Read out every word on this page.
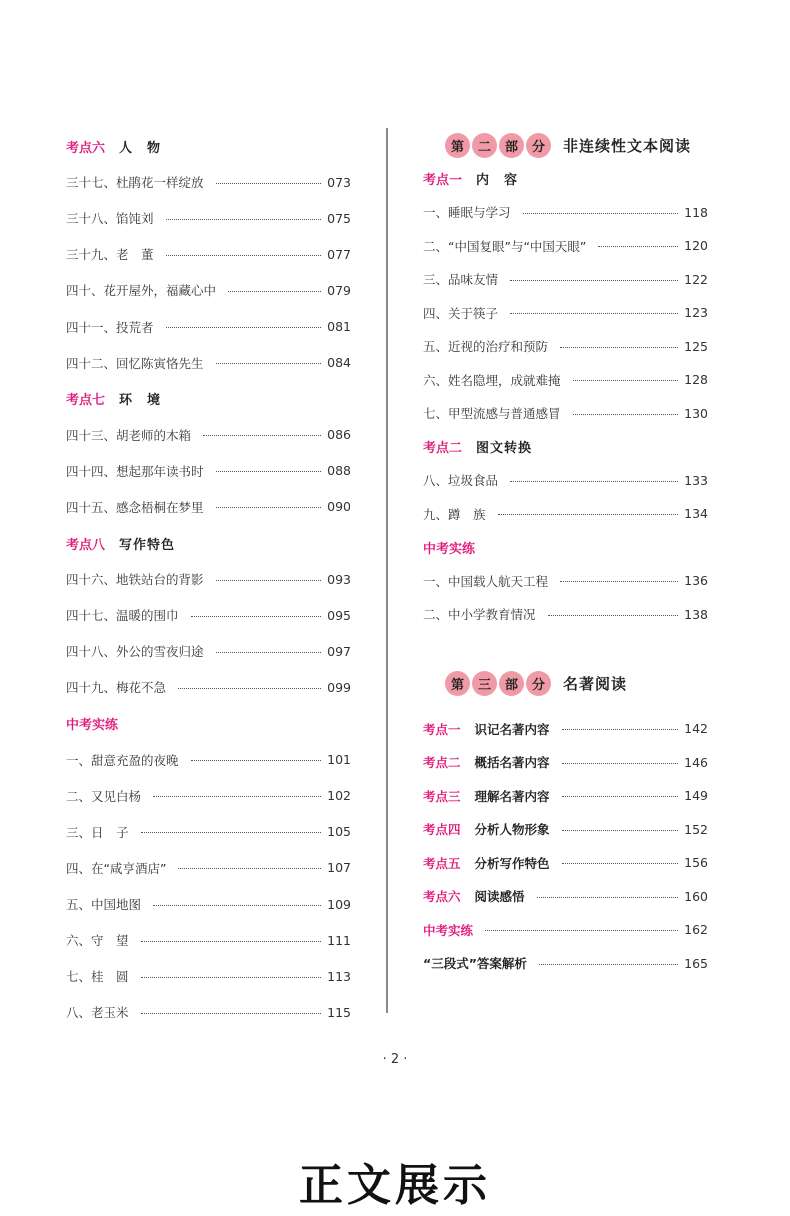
考点六 人　物
三十七、杜鹃花一样绽放	073
三十八、馅饨刘	075
三十九、老　董	077
四十、花开屋外，福藏心中	079
四十一、投荒者	081
四十二、回忆陈寅恪先生	084
考点七 环　境
四十三、胡老师的木箱	086
四十四、想起那年读书时	088
四十五、感念梧桐在梦里	090
考点八 写作特色
四十六、地铁站台的背影	093
四十七、温暖的围巾	095
四十八、外公的雪夜归途	097
四十九、梅花不急	099
中考实练
一、甜意充盈的夜晚	101
二、又见白杨	102
三、日　子	105
四、在“咸亨酒店”	107
五、中国地图	109
六、守　望	111
七、桂　圆	113
八、老玉米	115
第	二	部	分	非连续性文本阅读
考点一 内　容
一、睡眠与学习	118
二、“中国复眼”与“中国天眼”	120
三、品味友情	122
四、关于筷子	123
五、近视的治疗和预防	125
六、姓名隐埋，成就难掩	128
七、甲型流感与普通感冒	130
考点二 图文转换
八、垃圾食品	133
九、蹲　族	134
中考实练
一、中国载人航天工程	136
二、中小学教育情况	138
第	三	部	分	名著阅读
考点一 识记名著内容	142
考点二 概括名著内容	146
考点三 理解名著内容	149
考点四 分析人物形象	152
考点五 分析写作特色	156
考点六 阅读感悟	160
中考实练	162
“三段式”答案解析	165
· 2 ·
正文展示
